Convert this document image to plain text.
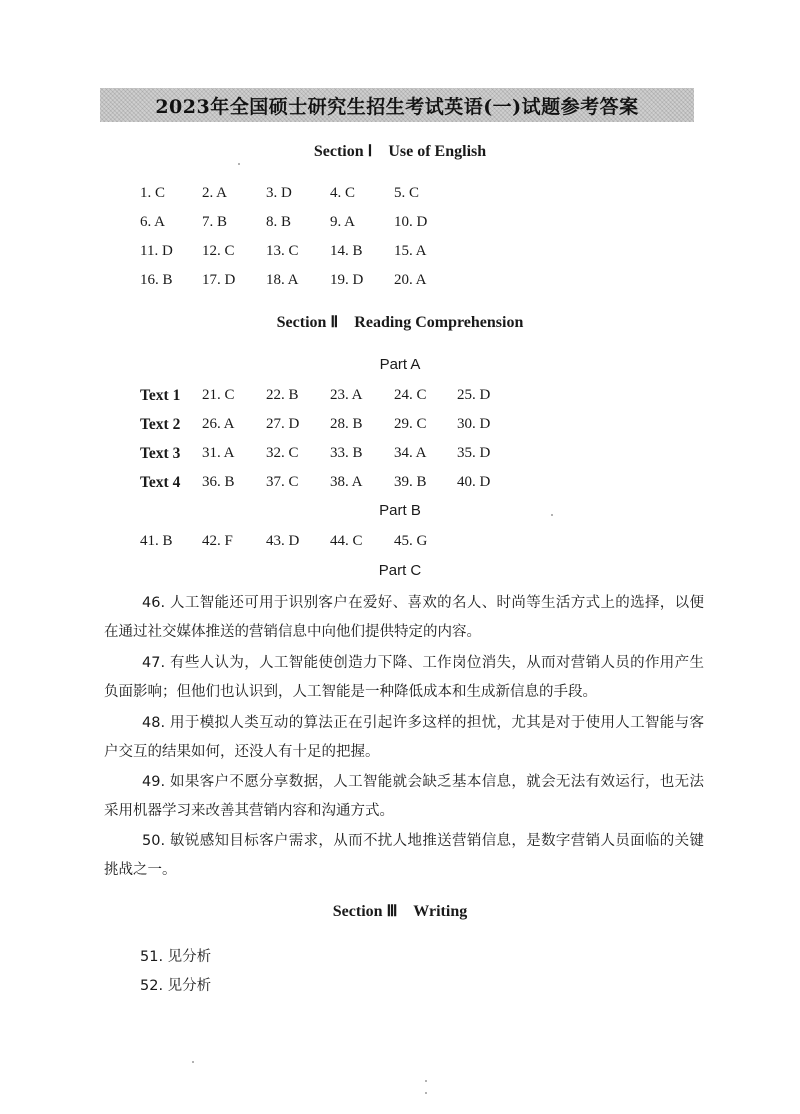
2023年全国硕士研究生招生考试英语(一)试题参考答案
Section Ⅰ    Use of English
1. C 2. A	3. D	4. C	5. C
6. A 7. B	8. B	9. A	10. D
11. D 12. C 13. C 14. B 15. A
16. B 17. D 18. A 19. D 20. A
Section Ⅱ    Reading Comprehension
Part A
Text 1 21. C 22. B 23. A 24. C 25. D
Text 2 26. A 27. D 28. B 29. C 30. D
Text 3 31. A 32. C 33. B 34. A 35. D
Text 4 36. B 37. C 38. A 39. B 40. D
Part B
41. B 42. F 43. D 44. C 45. G
Part C

46. 人工智能还可用于识别客户在爱好、喜欢的名人、时尚等生活方式上的选择，以便在通过社交媒体推送的营销信息中向他们提供特定的内容。

47. 有些人认为，人工智能使创造力下降、工作岗位消失，从而对营销人员的作用产生负面影响；但他们也认识到，人工智能是一种降低成本和生成新信息的手段。

48. 用于模拟人类互动的算法正在引起许多这样的担忧，尤其是对于使用人工智能与客户交互的结果如何，还没人有十足的把握。

49. 如果客户不愿分享数据，人工智能就会缺乏基本信息，就会无法有效运行，也无法采用机器学习来改善其营销内容和沟通方式。

50. 敏锐感知目标客户需求，从而不扰人地推送营销信息，是数字营销人员面临的关键挑战之一。

Section Ⅲ    Writing
51. 见分析
52. 见分析
